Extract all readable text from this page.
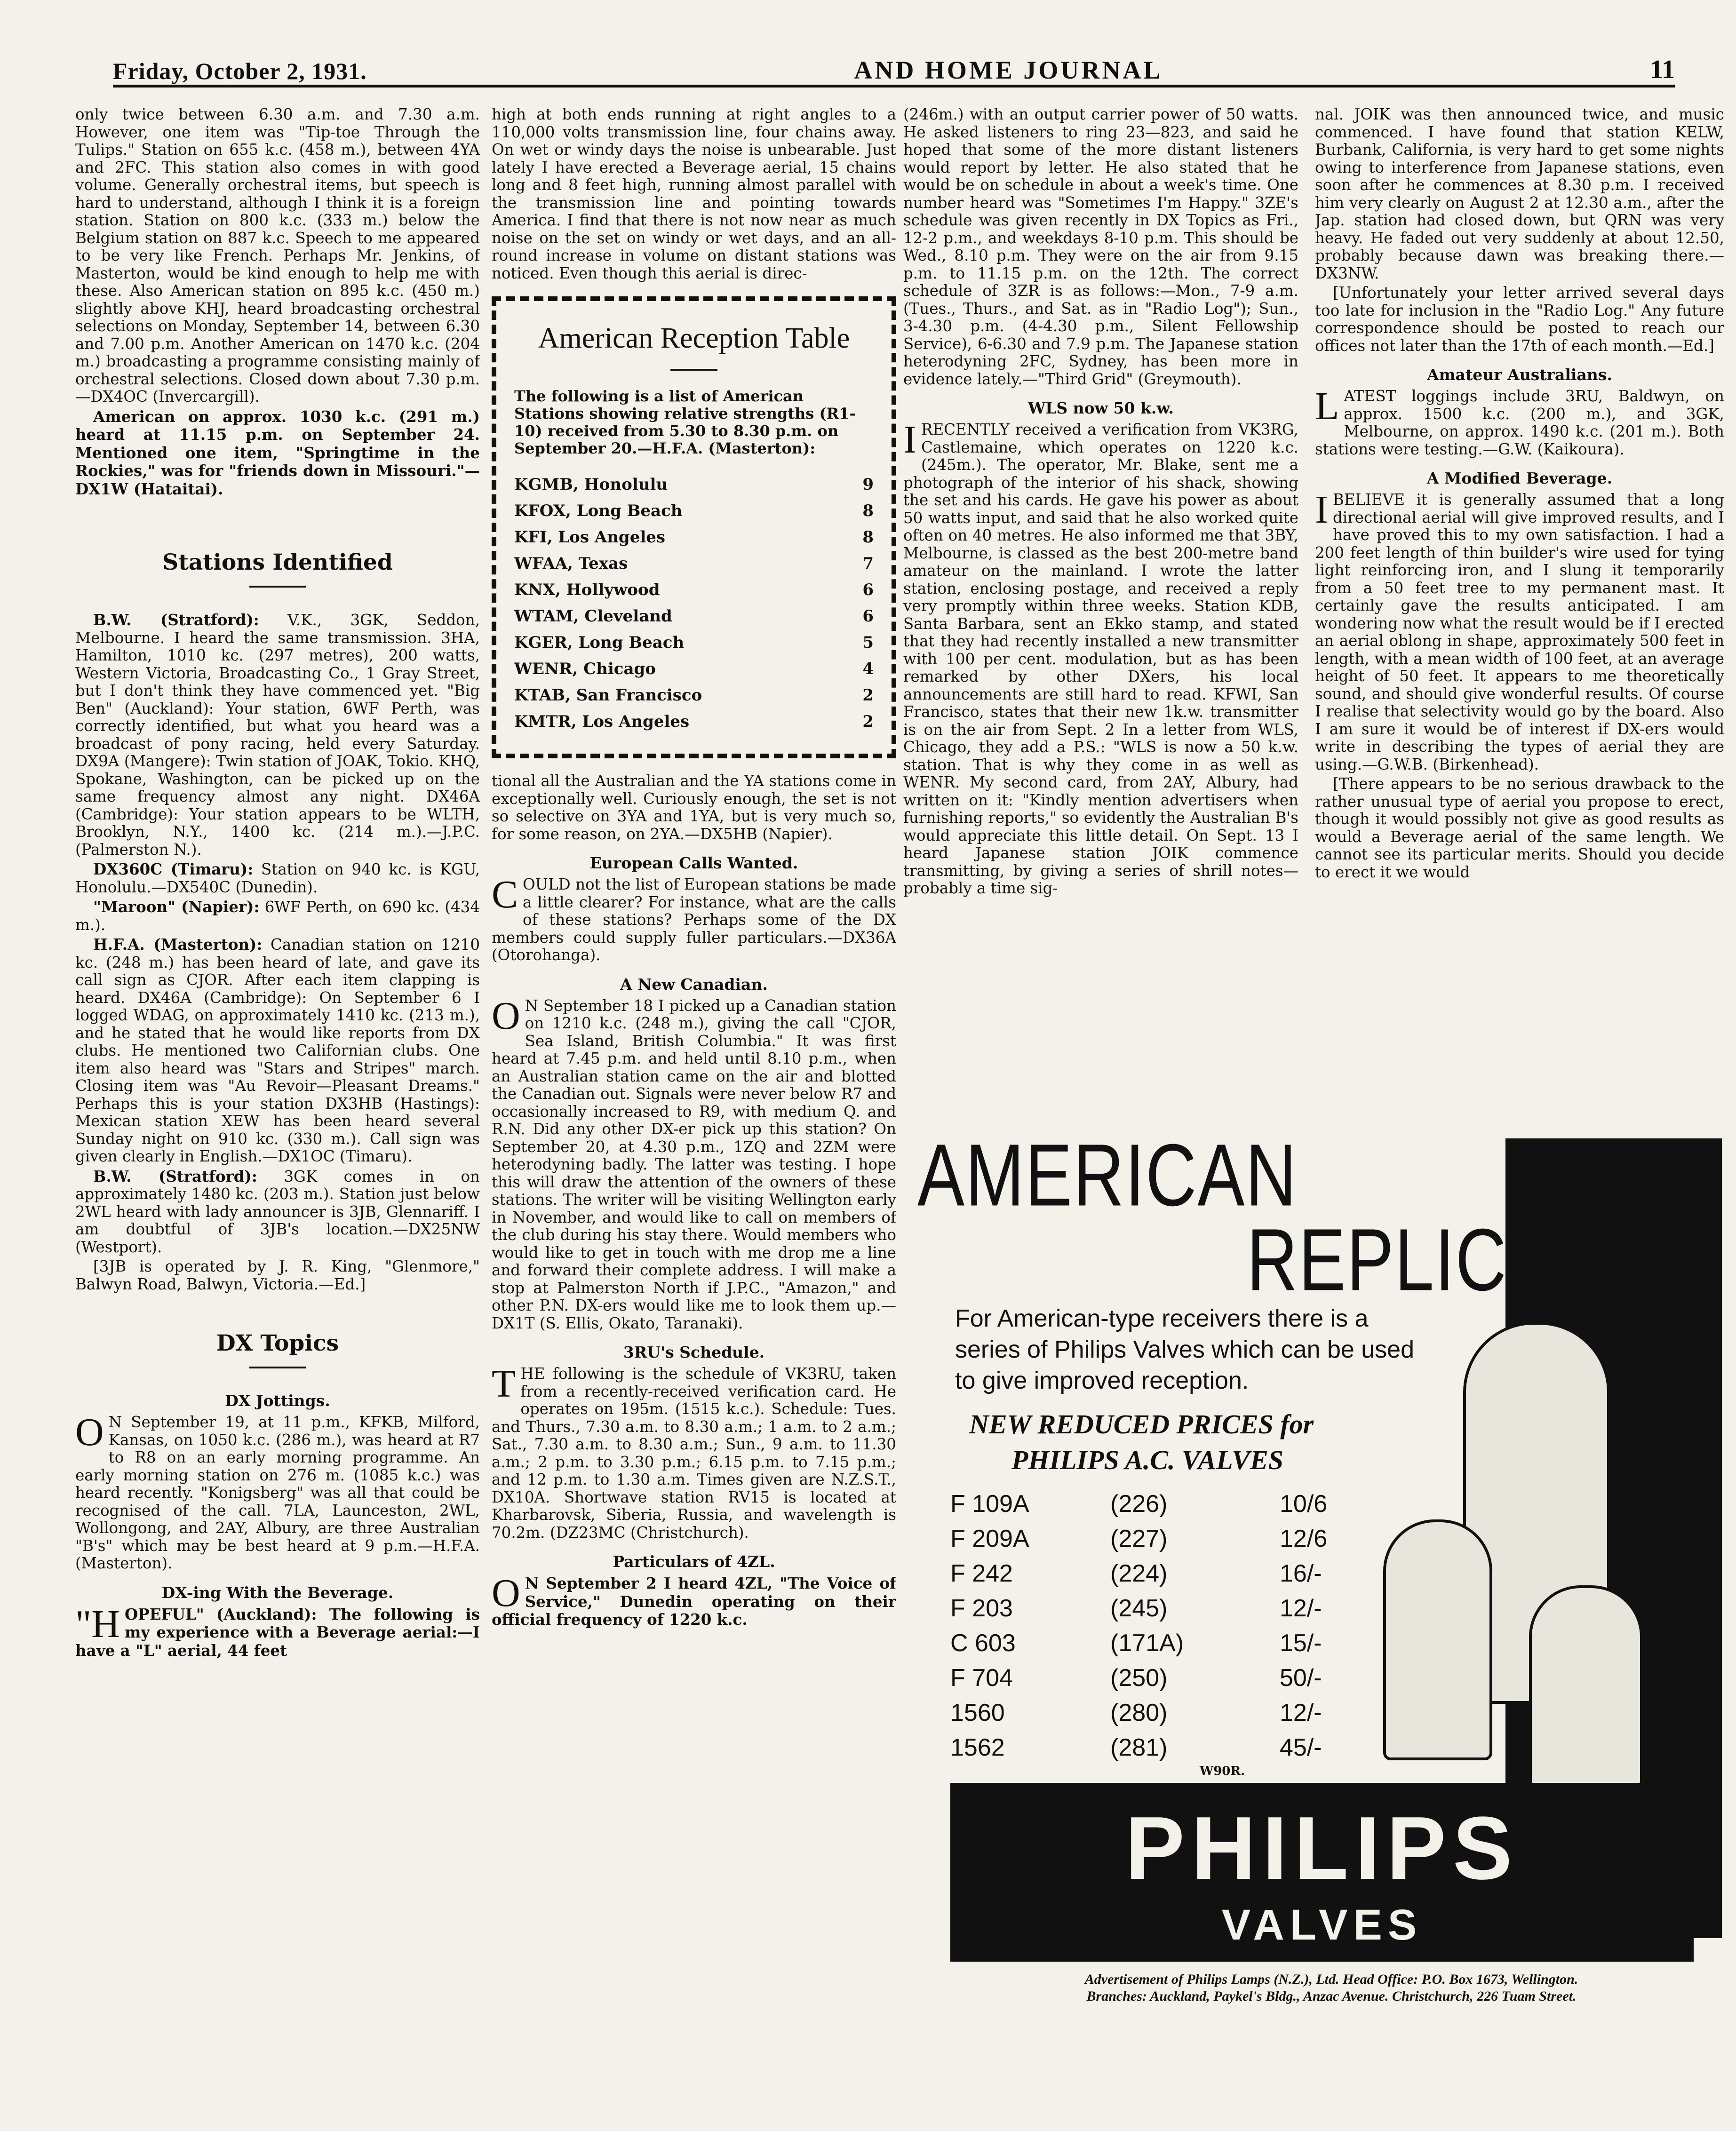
Friday, October 2, 1931.	AND HOME JOURNAL	11

only twice between 6.30 a.m. and 7.30 a.m. However, one item was "Tip-toe Through the Tulips." Station on 655 k.c. (458 m.), between 4YA and 2FC. This station also comes in with good volume. Generally orchestral items, but speech is hard to understand, although I think it is a foreign station. Station on 800 k.c. (333 m.) below the Belgium station on 887 k.c. Speech to me appeared to be very like French. Perhaps Mr. Jenkins, of Masterton, would be kind enough to help me with these. Also American station on 895 k.c. (450 m.) slightly above KHJ, heard broadcasting orchestral selections on Monday, September 14, between 6.30 and 7.00 p.m. Another American on 1470 k.c. (204 m.) broadcasting a programme consisting mainly of orchestral selections. Closed down about 7.30 p.m.—DX4OC (Invercargill).

American on approx. 1030 k.c. (291 m.) heard at 11.15 p.m. on September 24. Mentioned one item, "Springtime in the Rockies," was for "friends down in Missouri."—DX1W (Hataitai).

Stations Identified

B.W. (Stratford): V.K., 3GK, Seddon, Melbourne. I heard the same transmission. 3HA, Hamilton, 1010 kc. (297 metres), 200 watts, Western Victoria, Broadcasting Co., 1 Gray Street, but I don't think they have commenced yet. "Big Ben" (Auckland): Your station, 6WF Perth, was correctly identified, but what you heard was a broadcast of pony racing, held every Saturday. DX9A (Mangere): Twin station of JOAK, Tokio. KHQ, Spokane, Washington, can be picked up on the same frequency almost any night. DX46A (Cambridge): Your station appears to be WLTH, Brooklyn, N.Y., 1400 kc. (214 m.).—J.P.C. (Palmerston N.).

DX360C (Timaru): Station on 940 kc. is KGU, Honolulu.—DX540C (Dunedin).

"Maroon" (Napier): 6WF Perth, on 690 kc. (434 m.).

H.F.A. (Masterton): Canadian station on 1210 kc. (248 m.) has been heard of late, and gave its call sign as CJOR. After each item clapping is heard. DX46A (Cambridge): On September 6 I logged WDAG, on approximately 1410 kc. (213 m.), and he stated that he would like reports from DX clubs. He mentioned two Californian clubs. One item also heard was "Stars and Stripes" march. Closing item was "Au Revoir—Pleasant Dreams." Perhaps this is your station DX3HB (Hastings): Mexican station XEW has been heard several Sunday night on 910 kc. (330 m.). Call sign was given clearly in English.—DX1OC (Timaru).

B.W. (Stratford): 3GK comes in on approximately 1480 kc. (203 m.). Station just below 2WL heard with lady announcer is 3JB, Glennariff. I am doubtful of 3JB's location.—DX25NW (Westport).

[3JB is operated by J. R. King, "Glenmore," Balwyn Road, Balwyn, Victoria.—Ed.]

DX Topics
DX Jottings.

O N September 19, at 11 p.m., KFKB, Milford, Kansas, on 1050 k.c. (286 m.), was heard at R7 to R8 on an early morning programme. An early morning station on 276 m. (1085 k.c.) was heard recently. "Konigsberg" was all that could be recognised of the call. 7LA, Launceston, 2WL, Wollongong, and 2AY, Albury, are three Australian "B's" which may be best heard at 9 p.m.—H.F.A. (Masterton).

DX-ing With the Beverage.

"HOPEFUL" (Auckland): The following is my experience with a Beverage aerial:—I have a "L" aerial, 44 feet

high at both ends running at right angles to a 110,000 volts transmission line, four chains away. On wet or windy days the noise is unbearable. Just lately I have erected a Beverage aerial, 15 chains long and 8 feet high, running almost parallel with the transmission line and pointing towards America. I find that there is not now near as much noise on the set on windy or wet days, and an all-round increase in volume on distant stations was noticed. Even though this aerial is direc-

American Reception Table
The following is a list of American Stations showing relative strengths (R1-10) received from 5.30 to 8.30 p.m. on September 20.—H.F.A. (Masterton):
KGMB, Honolulu	9
KFOX, Long Beach	8
KFI, Los Angeles	8
WFAA, Texas	7
KNX, Hollywood	6
WTAM, Cleveland	6
KGER, Long Beach	5
WENR, Chicago	4
KTAB, San Francisco	2
KMTR, Los Angeles	2

tional all the Australian and the YA stations come in exceptionally well. Curiously enough, the set is not so selective on 3YA and 1YA, but is very much so, for some reason, on 2YA.—DX5HB (Napier).

European Calls Wanted.

COULD not the list of European stations be made a little clearer? For instance, what are the calls of these stations? Perhaps some of the DX members could supply fuller particulars.—DX36A (Otorohanga).

A New Canadian.

O N September 18 I picked up a Canadian station on 1210 k.c. (248 m.), giving the call "CJOR, Sea Island, British Columbia." It was first heard at 7.45 p.m. and held until 8.10 p.m., when an Australian station came on the air and blotted the Canadian out. Signals were never below R7 and occasionally increased to R9, with medium Q. and R.N. Did any other DX-er pick up this station? On September 20, at 4.30 p.m., 1ZQ and 2ZM were heterodyning badly. The latter was testing. I hope this will draw the attention of the owners of these stations. The writer will be visiting Wellington early in November, and would like to call on members of the club during his stay there. Would members who would like to get in touch with me drop me a line and forward their complete address. I will make a stop at Palmerston North if J.P.C., "Amazon," and other P.N. DX-ers would like me to look them up.—DX1T (S. Ellis, Okato, Taranaki).

3RU's Schedule.

THE following is the schedule of VK3RU, taken from a recently-received verification card. He operates on 195m. (1515 k.c.). Schedule: Tues. and Thurs., 7.30 a.m. to 8.30 a.m.; 1 a.m. to 2 a.m.; Sat., 7.30 a.m. to 8.30 a.m.; Sun., 9 a.m. to 11.30 a.m.; 2 p.m. to 3.30 p.m.; 6.15 p.m. to 7.15 p.m.; and 12 p.m. to 1.30 a.m. Times given are N.Z.S.T., DX10A. Shortwave station RV15 is located at Kharbarovsk, Siberia, Russia, and wavelength is 70.2m. (DZ23MC (Christchurch).

Particulars of 4ZL.

O N September 2 I heard 4ZL, "The Voice of Service," Dunedin operating on their official frequency of 1220 k.c.

(246m.) with an output carrier power of 50 watts. He asked listeners to ring 23—823, and said he hoped that some of the more distant listeners would report by letter. He also stated that he would be on schedule in about a week's time. One number heard was "Sometimes I'm Happy." 3ZE's schedule was given recently in DX Topics as Fri., 12-2 p.m., and weekdays 8-10 p.m. This should be Wed., 8.10 p.m. They were on the air from 9.15 p.m. to 11.15 p.m. on the 12th. The correct schedule of 3ZR is as follows:—Mon., 7-9 a.m. (Tues., Thurs., and Sat. as in "Radio Log"); Sun., 3-4.30 p.m. (4-4.30 p.m., Silent Fellowship Service), 6-6.30 and 7.9 p.m. The Japanese station heterodyning 2FC, Sydney, has been more in evidence lately.—"Third Grid" (Greymouth).

WLS now 50 k.w.

IRECENTLY received a verification from VK3RG, Castlemaine, which operates on 1220 k.c. (245m.). The operator, Mr. Blake, sent me a photograph of the interior of his shack, showing the set and his cards. He gave his power as about 50 watts input, and said that he also worked quite often on 40 metres. He also informed me that 3BY, Melbourne, is classed as the best 200-metre band amateur on the mainland. I wrote the latter station, enclosing postage, and received a reply very promptly within three weeks. Station KDB, Santa Barbara, sent an Ekko stamp, and stated that they had recently installed a new transmitter with 100 per cent. modulation, but as has been remarked by other DXers, his local announcements are still hard to read. KFWI, San Francisco, states that their new 1k.w. transmitter is on the air from Sept. 2 In a letter from WLS, Chicago, they add a P.S.: "WLS is now a 50 k.w. station. That is why they come in as well as WENR. My second card, from 2AY, Albury, had written on it: "Kindly mention advertisers when furnishing reports," so evidently the Australian B's would appreciate this little detail. On Sept. 13 I heard Japanese station JOIK commence transmitting, by giving a series of shrill notes—probably a time sig-

nal. JOIK was then announced twice, and music commenced. I have found that station KELW, Burbank, California, is very hard to get some nights owing to interference from Japanese stations, even soon after he commences at 8.30 p.m. I received him very clearly on August 2 at 12.30 a.m., after the Jap. station had closed down, but QRN was very heavy. He faded out very suddenly at about 12.50, probably because dawn was breaking there.—DX3NW.

[Unfortunately your letter arrived several days too late for inclusion in the "Radio Log." Any future correspondence should be posted to reach our offices not later than the 17th of each month.—Ed.]

Amateur Australians.

LATEST loggings include 3RU, Baldwyn, on approx. 1500 k.c. (200 m.), and 3GK, Melbourne, on approx. 1490 k.c. (201 m.). Both stations were testing.—G.W. (Kaikoura).

A Modified Beverage.

IBELIEVE it is generally assumed that a long directional aerial will give improved results, and I have proved this to my own satisfaction. I had a 200 feet length of thin builder's wire used for tying light reinforcing iron, and I slung it temporarily from a 50 feet tree to my permanent mast. It certainly gave the results anticipated. I am wondering now what the result would be if I erected an aerial oblong in shape, approximately 500 feet in length, with a mean width of 100 feet, at an average height of 50 feet. It appears to me theoretically sound, and should give wonderful results. Of course I realise that selectivity would go by the board. Also I am sure it would be of interest if DX-ers would write in describing the types of aerial they are using.—G.W.B. (Birkenhead).

[There appears to be no serious drawback to the rather unusual type of aerial you propose to erect, though it would possibly not give as good results as would a Beverage aerial of the same length. We cannot see its particular merits. Should you decide to erect it we would

AMERICAN
REPLICAS
For American-type receivers there is a series of Philips Valves which can be used to give improved reception.
NEW REDUCED PRICES for
PHILIPS A.C. VALVES
F 109A	(226)	10/6
F 209A	(227)	12/6
F 242	(224)	16/-
F 203	(245)	12/-
C 603	(171A)	15/-
F 704	(250)	50/-
1560	(280)	12/-
1562	(281)	45/-
W90R.
PHILIPS
VALVES
Advertisement of Philips Lamps (N.Z.), Ltd. Head Office: P.O. Box 1673, Wellington.
Branches: Auckland, Paykel's Bldg., Anzac Avenue. Christchurch, 226 Tuam Street.
